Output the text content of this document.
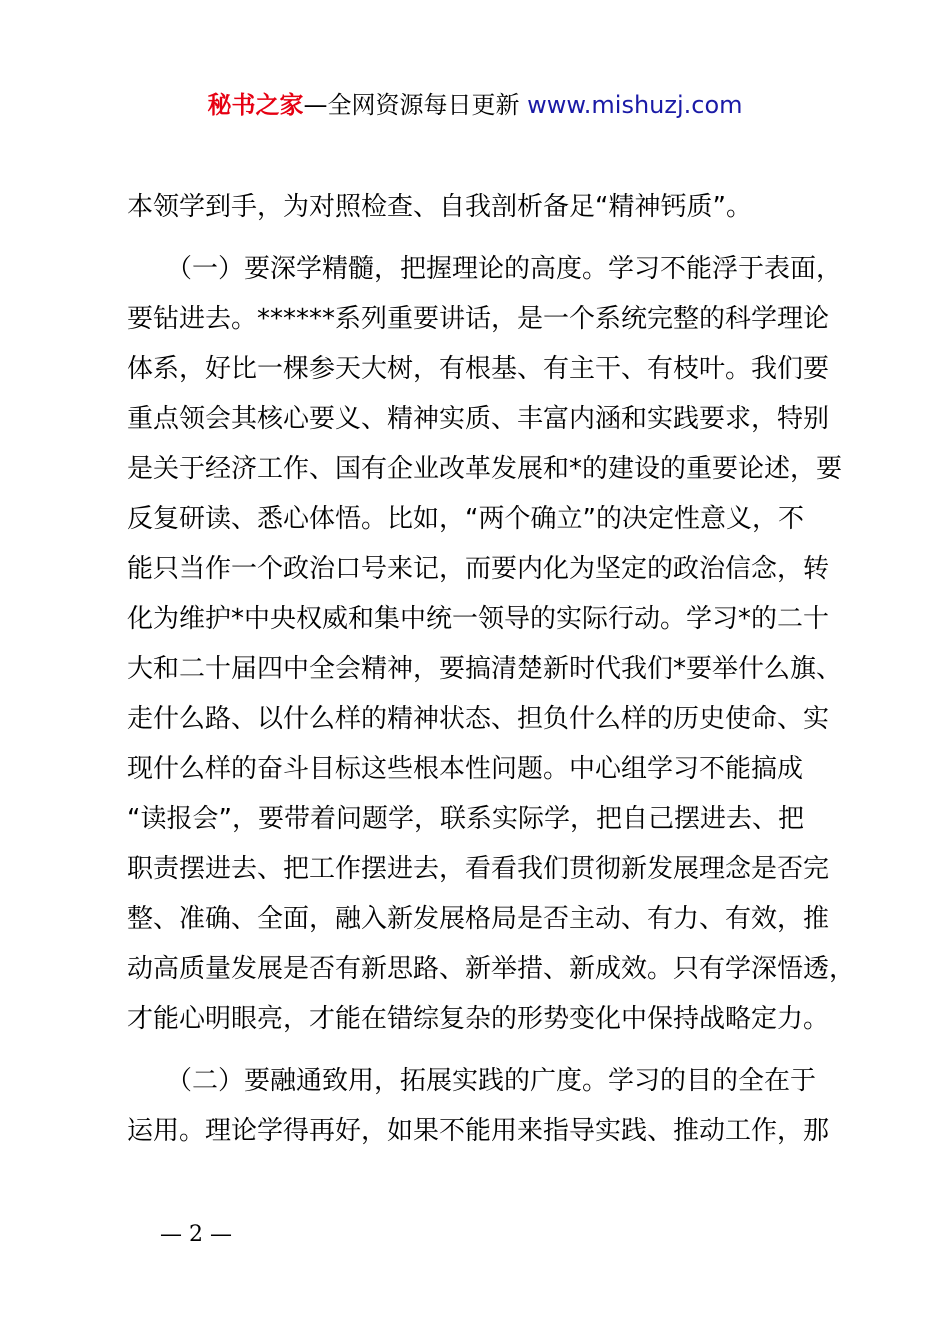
秘书之家—全网资源每日更新 www.mishuzj.com
本领学到手，为对照检查、自我剖析备足“精神钙质”。
　　（一）要深学精髓，把握理论的高度。学习不能浮于表面，
要钻进去。******系列重要讲话，是一个系统完整的科学理论
体系，好比一棵参天大树，有根基、有主干、有枝叶。我们要
重点领会其核心要义、精神实质、丰富内涵和实践要求，特别
是关于经济工作、国有企业改革发展和*的建设的重要论述，要
反复研读、悉心体悟。比如，“两个确立”的决定性意义，不
能只当作一个政治口号来记，而要内化为坚定的政治信念，转
化为维护*中央权威和集中统一领导的实际行动。学习*的二十
大和二十届四中全会精神，要搞清楚新时代我们*要举什么旗、
走什么路、以什么样的精神状态、担负什么样的历史使命、实
现什么样的奋斗目标这些根本性问题。中心组学习不能搞成
“读报会”，要带着问题学，联系实际学，把自己摆进去、把
职责摆进去、把工作摆进去，看看我们贯彻新发展理念是否完
整、准确、全面，融入新发展格局是否主动、有力、有效，推
动高质量发展是否有新思路、新举措、新成效。只有学深悟透，
才能心明眼亮，才能在错综复杂的形势变化中保持战略定力。
　　（二）要融通致用，拓展实践的广度。学习的目的全在于
运用。理论学得再好，如果不能用来指导实践、推动工作，那
— 2 —
